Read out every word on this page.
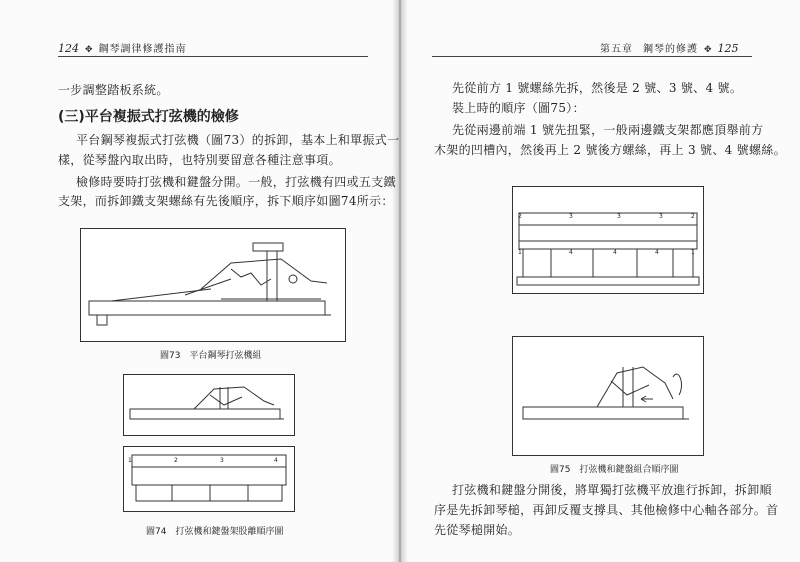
124 ✥ 鋼琴調律修護指南
一步調整踏板系統。
(三)平台複振式打弦機的檢修
平台鋼琴複振式打弦機（圖73）的拆卸，基本上和單振式一
樣，從琴盤內取出時，也特別要留意各種注意事項。
檢修時要時打弦機和鍵盤分開。一般，打弦機有四或五支鐵
支架，而拆卸鐵支架螺絲有先後順序，拆下順序如圖74所示：
圖73　平台鋼琴打弦機組
1	2	3	4
圖74　打弦機和鍵盤架股離順序圖
第五章 鋼琴的修護 ✥ 125
先從前方 1 號螺絲先拆，然後是 2 號、3 號、4 號。
裝上時的順序（圖75）：
先從兩邊前端 1 號先扭緊，一般兩邊鐵支架都應頂舉前方
木架的凹槽內，然後再上 2 號後方螺絲，再上 3 號、4 號螺絲。
2	3	3	3	2
1	4	4	4	1
圖75　打弦機和鍵盤組合順序圖
打弦機和鍵盤分開後，將單獨打弦機平放進行拆卸，拆卸順
序是先拆卸琴槌，再卸反覆支撐具、其他檢修中心軸各部分。首
先從琴槌開始。
